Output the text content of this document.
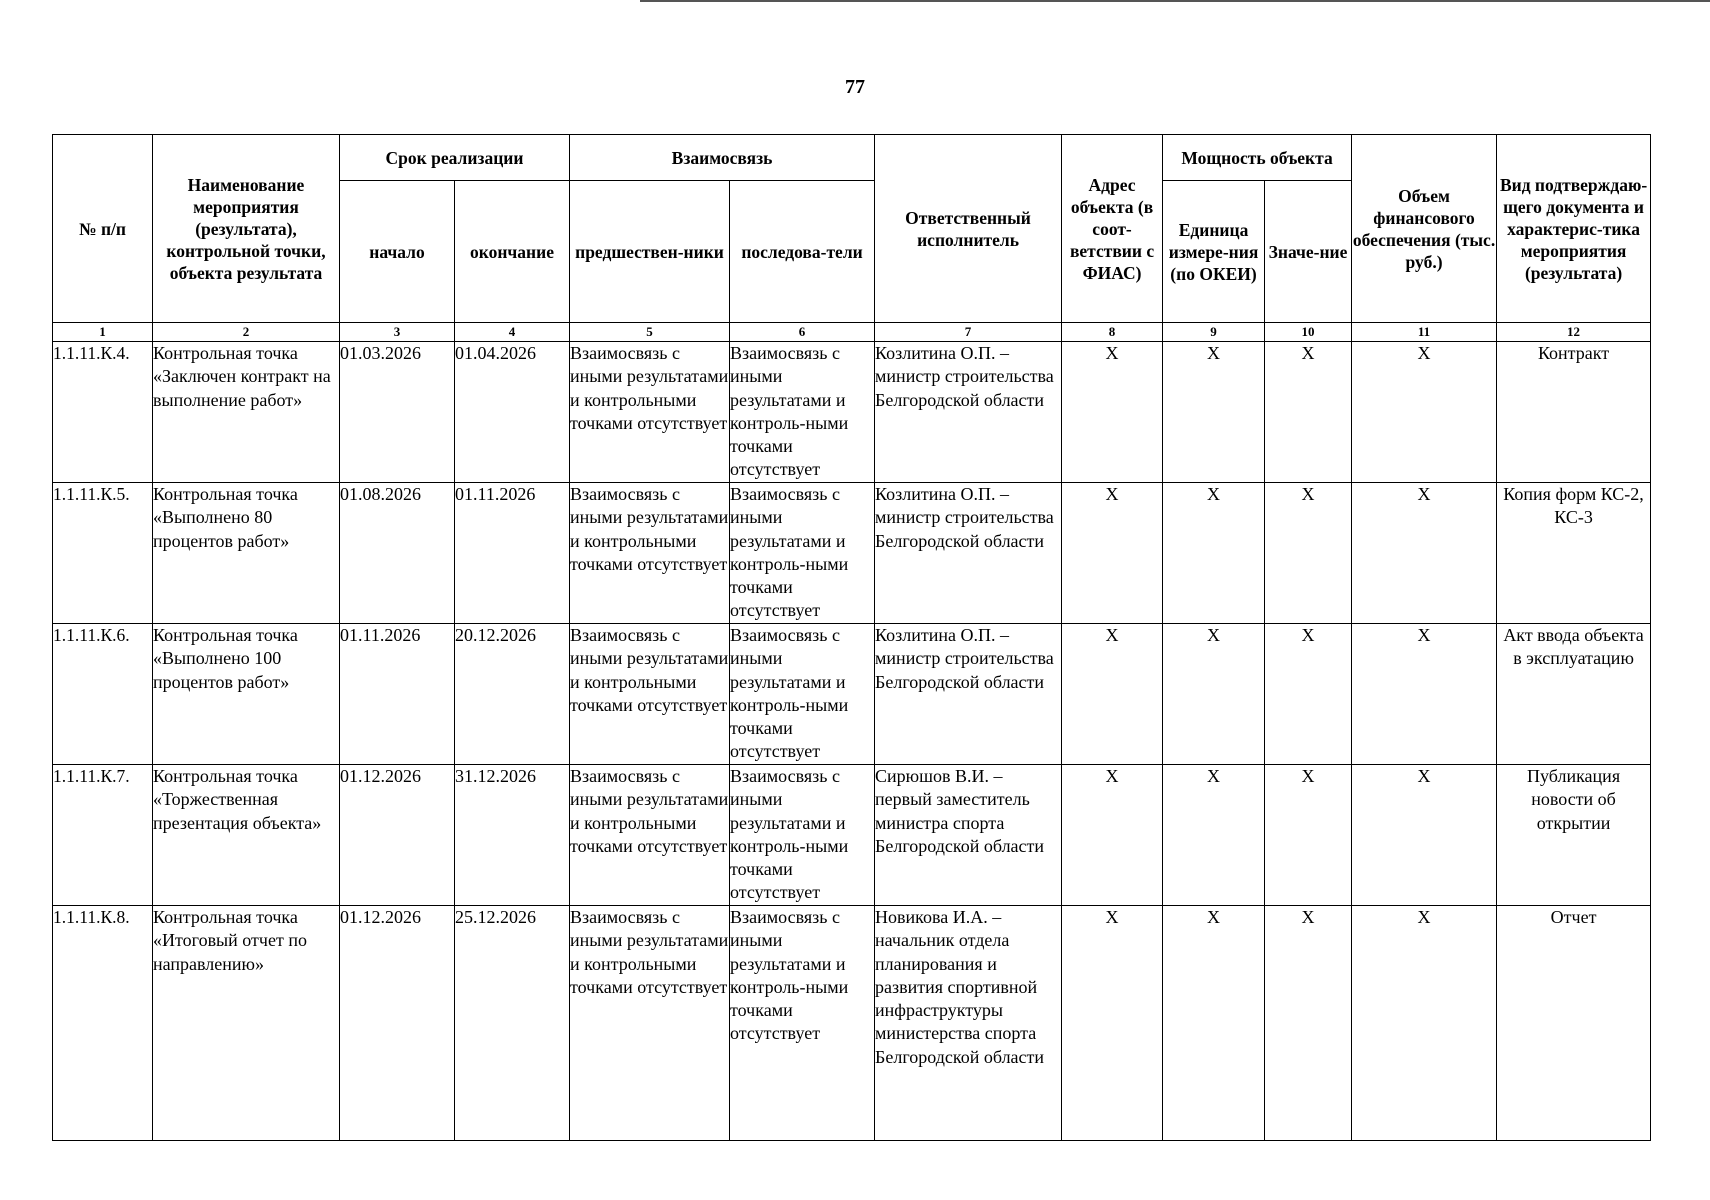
77
№ п/п	Наименование мероприятия (результата), контрольной точки, объекта результата	Срок реализации		Взаимосвязь		Ответственный исполнитель	Адрес объекта (в соот-ветствии с ФИАС)	Мощность объекта		Объем финансового обеспечения (тыс. руб.)	Вид подтверждаю-щего документа и характерис-тика мероприятия (результата)
		начало	окончание	предшествен-ники	последова-тели			Единица измере-ния (по ОКЕИ)	Значе-ние		
1	2	3	4	5	6	7	8	9	10	11	12
1.1.11.К.4.	Контрольная точка «Заключен контракт на выполнение работ»	01.03.2026	01.04.2026	Взаимосвязь с иными результатами и контрольными точками отсутствует	Взаимосвязь с иными результатами и контроль-ными точками отсутствует	Козлитина О.П. – министр строительства Белгородской области	X	X	X	X	Контракт
1.1.11.К.5.	Контрольная точка «Выполнено 80 процентов работ»	01.08.2026	01.11.2026	Взаимосвязь с иными результатами и контрольными точками отсутствует	Взаимосвязь с иными результатами и контроль-ными точками отсутствует	Козлитина О.П. – министр строительства Белгородской области	X	X	X	X	Копия форм КС-2, КС-3
1.1.11.К.6.	Контрольная точка «Выполнено 100 процентов работ»	01.11.2026	20.12.2026	Взаимосвязь с иными результатами и контрольными точками отсутствует	Взаимосвязь с иными результатами и контроль-ными точками отсутствует	Козлитина О.П. – министр строительства Белгородской области	X	X	X	X	Акт ввода объекта в эксплуатацию
1.1.11.К.7.	Контрольная точка «Торжественная презентация объекта»	01.12.2026	31.12.2026	Взаимосвязь с иными результатами и контрольными точками отсутствует	Взаимосвязь с иными результатами и контроль-ными точками отсутствует	Сирюшов В.И. – первый заместитель министра спорта Белгородской области	X	X	X	X	Публикация новости об открытии
1.1.11.К.8.	Контрольная точка «Итоговый отчет по направлению»	01.12.2026	25.12.2026	Взаимосвязь с иными результатами и контрольными точками отсутствует	Взаимосвязь с иными результатами и контроль-ными точками отсутствует	Новикова И.А. – начальник отдела планирования и развития спортивной инфраструктуры министерства спорта Белгородской области	X	X	X	X	Отчет
